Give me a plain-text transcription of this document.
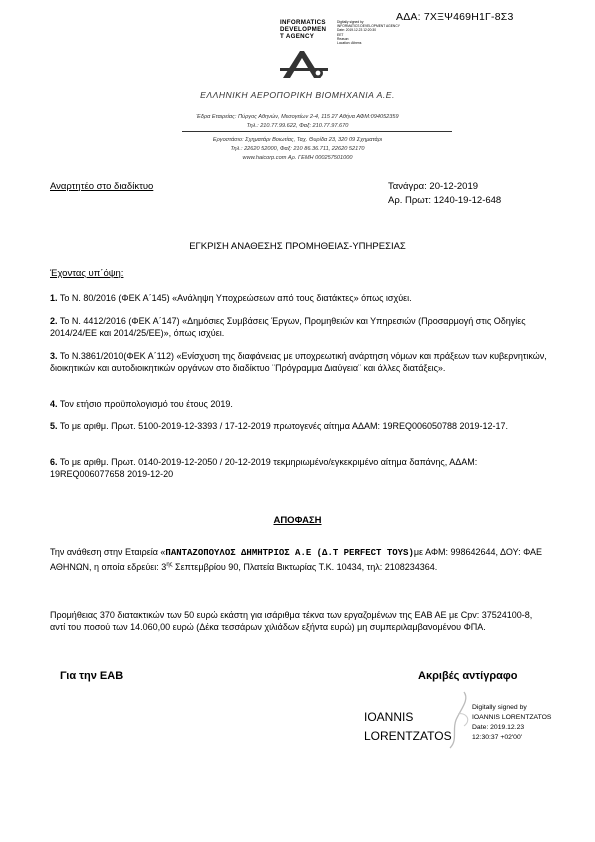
ΑΔΑ: 7ΧΞΨ469Η1Γ-8Σ3
INFORMATICS
DEVELOPMEN
T AGENCY
Digitally signed by
INFORMATICS DEVELOPMENT AGENCY
Date: 2019.12.23 12:20:30
EET
Reason:
Location: Athens
ΕΛΛΗΝΙΚΗ ΑΕΡΟΠΟΡΙΚΗ ΒΙΟΜΗΧΑΝΙΑ Α.Ε.
Έδρα Εταιρείας: Πύργος Αθηνών, Μεσογείων 2-4, 115 27 Αθήνα ΑΦΜ:094052359
Τηλ.: 210.77.99.622, Φαξ: 210.77.97.670
Εργοστάσιο: Σχηματάρι Βοιωτίας, Ταχ. Θυρίδα 23, 320 09 Σχηματάρι
Τηλ.: 22620 52000, Φαξ: 210 86.36.711, 22620 52170
www.haicorp.com Αρ. ΓΕΜΗ 000257501000
Αναρτητέο στο διαδίκτυο	Τανάγρα: 20-12-2019
Αρ. Πρωτ: 1240-19-12-648
ΕΓΚΡΙΣΗ ΑΝΑΘΕΣΗΣ ΠΡΟΜΗΘΕΙΑΣ-ΥΠΗΡΕΣΙΑΣ
Έχοντας υπ΄όψη:
1. Το Ν. 80/2016 (ΦΕΚ Α΄145) «Ανάληψη Υποχρεώσεων από τους διατάκτες» όπως ισχύει.
2. Το Ν. 4412/2016 (ΦΕΚ Α΄147) «Δημόσιες Συμβάσεις Έργων, Προμηθειών και Υπηρεσιών (Προσαρμογή στις Οδηγίες 2014/24/ΕΕ και 2014/25/ΕΕ)», όπως ισχύει.
3. Το Ν.3861/2010(ΦΕΚ Α΄112) «Ενίσχυση της διαφάνειας με υποχρεωτική ανάρτηση νόμων και πράξεων των κυβερνητικών, διοικητικών και αυτοδιοικητικών οργάνων στο διαδίκτυο ¨Πρόγραμμα Διαύγεια¨ και άλλες διατάξεις».
4. Τον ετήσιο προϋπολογισμό του έτους 2019.
5. Το με αριθμ. Πρωτ. 5100-2019-12-3393 / 17-12-2019 πρωτογενές αίτημα ΑΔΑΜ: 19REQ006050788 2019-12-17.
6. Το με αριθμ. Πρωτ. 0140-2019-12-2050 / 20-12-2019 τεκμηριωμένο/εγκεκριμένο αίτημα δαπάνης, ΑΔΑΜ: 19REQ006077658 2019-12-20
ΑΠΟΦΑΣΗ
Την ανάθεση στην Εταιρεία «ΠΑΝΤΑΖΟΠΟΥΛΟΣ ΔΗΜΗΤΡΙΟΣ Α.Ε (Δ.Τ PERFECT TOYS)με ΑΦΜ: 998642644, ΔΟΥ: ΦΑΕ ΑΘΗΝΩΝ, η οποία εδρεύει: $3^{\eta\varsigma}$ Σεπτεμβρίου 90, Πλατεία Βικτωρίας Τ.Κ. 10434, τηλ: 2108234364.
Προμήθειας 370 διατακτικών των 50 ευρώ εκάστη για ισάριθμα τέκνα των εργαζομένων της ΕΑΒ ΑΕ με Cpv: 37524100-8, αντί του ποσού των 14.060,00 ευρώ (Δέκα τεσσάρων χιλιάδων εξήντα ευρώ) μη συμπεριλαμβανομένου ΦΠΑ.
Για την ΕΑΒ	Ακριβές αντίγραφο
IOANNIS
LORENTZATOS
Digitally signed by
IOANNIS LORENTZATOS
Date: 2019.12.23
12:30:37 +02'00'
